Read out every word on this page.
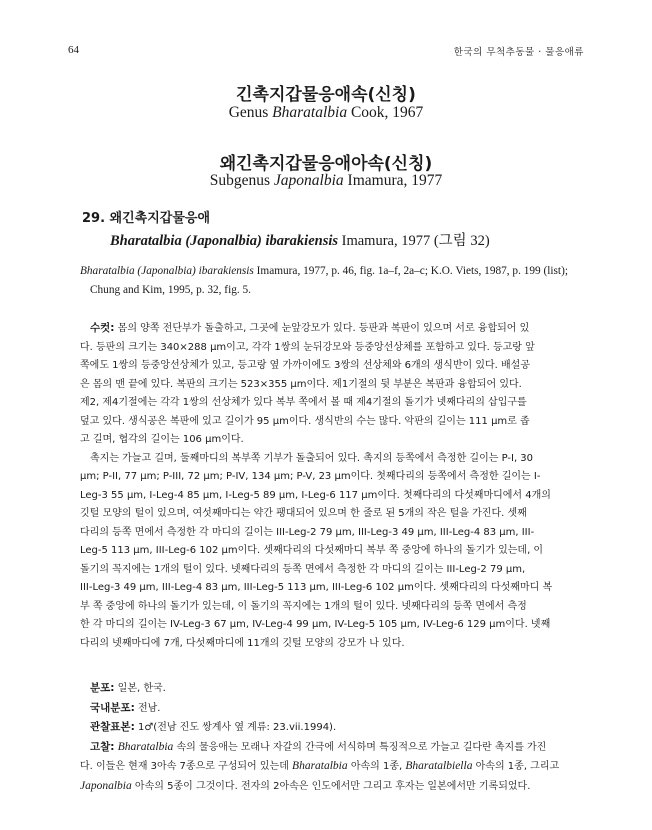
64	한국의 무척추동물 · 물응애류
긴촉지갑물응애속(신칭)
Genus Bharatalbia Cook, 1967
왜긴촉지갑물응애아속(신칭)
Subgenus Japonalbia Imamura, 1977
29. 왜긴촉지갑물응애
Bharatalbia (Japonalbia) ibarakiensis Imamura, 1977 (그림 32)
Bharatalbia (Japonalbia) ibarakiensis Imamura, 1977, p. 46, fig. 1a–f, 2a–c; K.O. Viets, 1987, p. 199 (list);
Chung and Kim, 1995, p. 32, fig. 5.
수컷: 몸의 양쪽 전단부가 돌출하고, 그곳에 눈앞강모가 있다. 등판과 복판이 있으며 서로 융합되어 있
다. 등판의 크기는 340×288 μm이고, 각각 1쌍의 눈뒤강모와 등중앙선상체를 포함하고 있다. 등고랑 앞
쪽에도 1쌍의 등중앙선상체가 있고, 등고랑 옆 가까이에도 3쌍의 선상체와 6개의 생식반이 있다. 배설공
은 몸의 맨 끝에 있다. 복판의 크기는 523×355 μm이다. 제1기절의 뒷 부분은 복판과 융합되어 있다.
제2, 제4기절에는 각각 1쌍의 선상체가 있다 복부 쪽에서 볼 때 제4기절의 돌기가 넷째다리의 삽입구를
덮고 있다. 생식공은 복판에 있고 길이가 95 μm이다. 생식반의 수는 많다. 악판의 길이는 111 μm로 좁
고 길며, 협각의 길이는 106 μm이다.
촉지는 가늘고 길며, 둘째마디의 복부쪽 기부가 돌출되어 있다. 촉지의 등쪽에서 측정한 길이는 P-I, 30
μm; P-II, 77 μm; P-III, 72 μm; P-IV, 134 μm; P-V, 23 μm이다. 첫째다리의 등쪽에서 측정한 길이는 I-
Leg-3 55 μm, I-Leg-4 85 μm, I-Leg-5 89 μm, I-Leg-6 117 μm이다. 첫째다리의 다섯째마디에서 4개의
깃털 모양의 털이 있으며, 여섯째마디는 약간 팽대되어 있으며 한 줄로 된 5개의 작은 털을 가진다. 셋째
다리의 등쪽 면에서 측정한 각 마디의 길이는 III-Leg-2 79 μm, III-Leg-3 49 μm, III-Leg-4 83 μm, III-
Leg-5 113 μm, III-Leg-6 102 μm이다. 셋째다리의 다섯째마디 복부 쪽 중앙에 하나의 돌기가 있는데, 이
돌기의 꼭지에는 1개의 털이 있다. 넷째다리의 등쪽 면에서 측정한 각 마디의 길이는 III-Leg-2 79 μm,
III-Leg-3 49 μm, III-Leg-4 83 μm, III-Leg-5 113 μm, III-Leg-6 102 μm이다. 셋째다리의 다섯째마디 복
부 쪽 중앙에 하나의 돌기가 있는데, 이 돌기의 꼭지에는 1개의 털이 있다. 넷째다리의 등쪽 면에서 측정
한 각 마디의 길이는 IV-Leg-3 67 μm, IV-Leg-4 99 μm, IV-Leg-5 105 μm, IV-Leg-6 129 μm이다. 넷째
다리의 넷째마디에 7개, 다섯째마디에 11개의 깃털 모양의 강모가 나 있다.
분포: 일본, 한국.
국내분포: 전남.
관찰표본: 1♂(전남 진도 쌍계사 옆 계류: 23.vii.1994).
고찰: Bharatalbia 속의 물응애는 모래나 자갈의 간극에 서식하며 특징적으로 가늘고 길다란 촉지를 가진
다. 이들은 현재 3아속 7종으로 구성되어 있는데 Bharatalbia 아속의 1종, Bharatalbiella 아속의 1종, 그리고
Japonalbia 아속의 5종이 그것이다. 전자의 2아속은 인도에서만 그리고 후자는 일본에서만 기록되었다.
